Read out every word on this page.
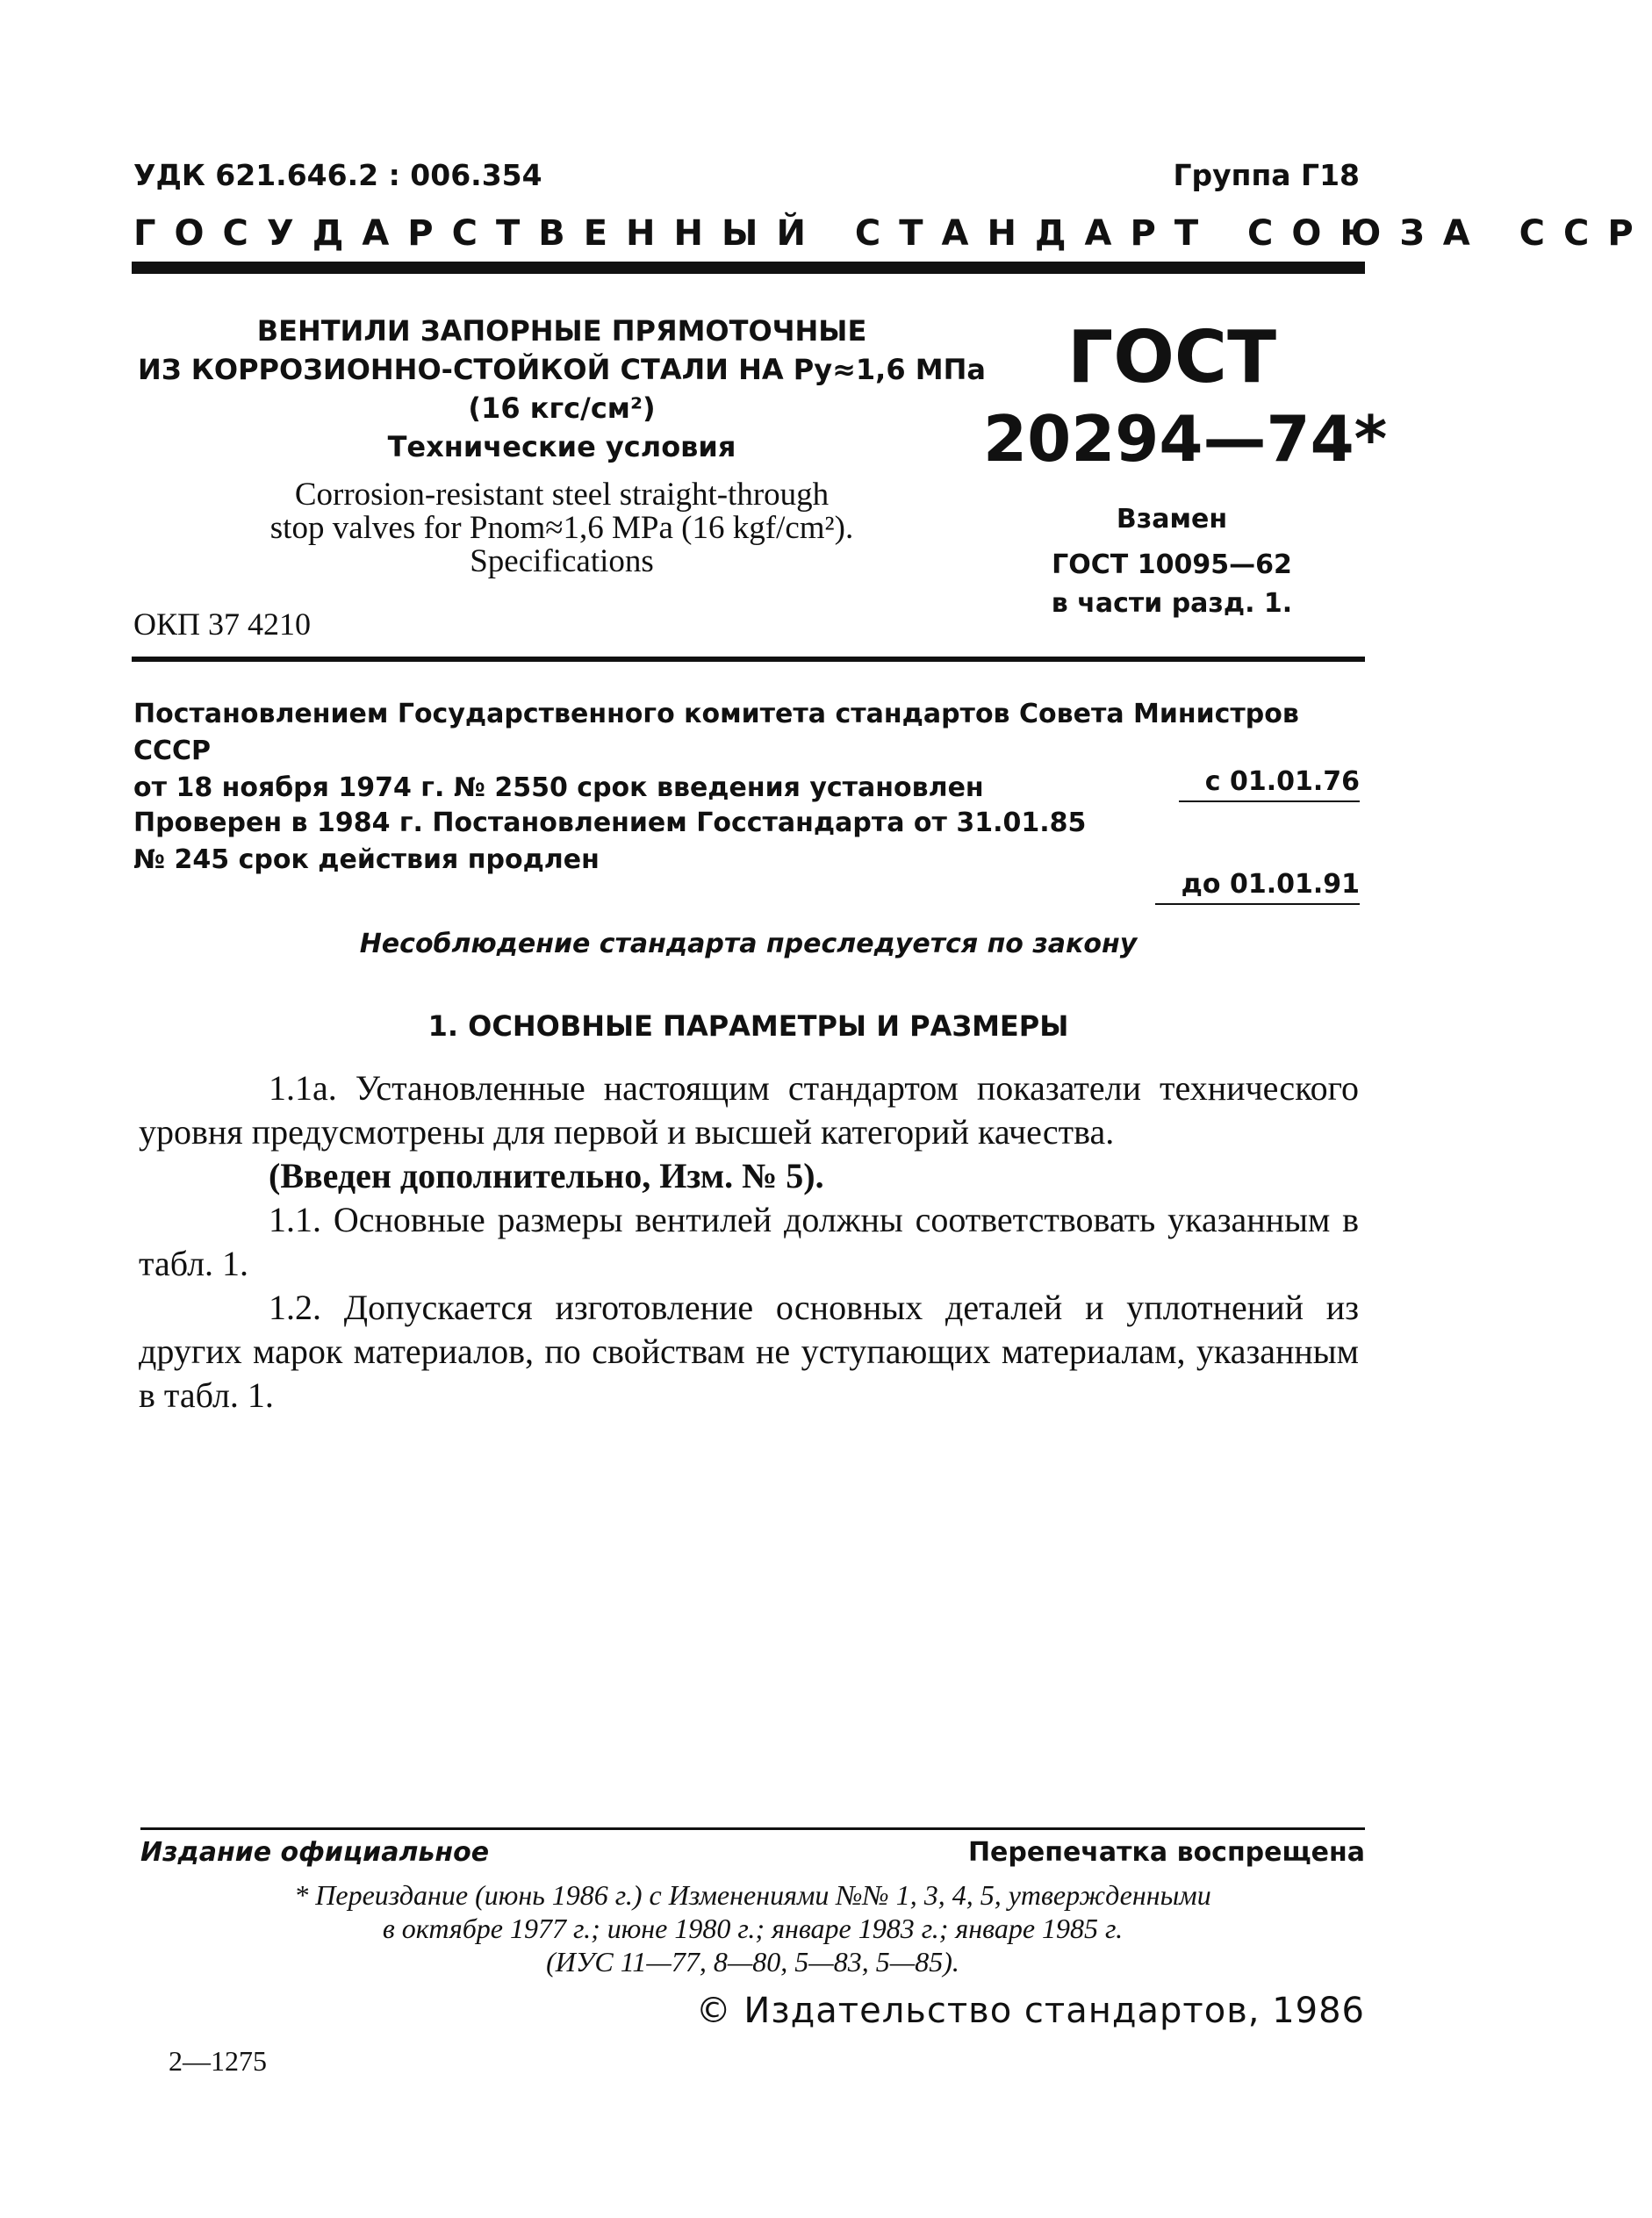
УДК 621.646.2 : 006.354	Группа Г18
ГОСУДАРСТВЕННЫЙ СТАНДАРТ СОЮЗА ССР
ВЕНТИЛИ ЗАПОРНЫЕ ПРЯМОТОЧНЫЕ
ИЗ КОРРОЗИОННО-СТОЙКОЙ СТАЛИ НА Pу≈1,6 МПа
(16 кгс/см²)
Технические условия
Corrosion-resistant steel straight-through
stop valves for Pnom≈1,6 MPa (16 kgf/cm²).
Specifications
ОКП 37 4210
ГОСТ
20294—74*
Взамен
ГОСТ 10095—62
в части разд. 1.
Постановлением Государственного комитета стандартов Совета Министров СССР
от 18 ноября 1974 г. № 2550 срок введения установлен	с 01.01.76
Проверен в 1984 г. Постановлением Госстандарта от 31.01.85
№ 245 срок действия продлен
до 01.01.91
Несоблюдение стандарта преследуется по закону
1. ОСНОВНЫЕ ПАРАМЕТРЫ И РАЗМЕРЫ

1.1а. Установленные настоящим стандартом показатели технического уровня предусмотрены для первой и высшей категорий качества.

(Введен дополнительно, Изм. № 5).

1.1. Основные размеры вентилей должны соответствовать указанным в табл. 1.

1.2. Допускается изготовление основных деталей и уплотнений из других марок материалов, по свойствам не уступающих материалам, указанным в табл. 1.

Издание официальное	Перепечатка воспрещена
* Переиздание (июнь 1986 г.) с Изменениями №№ 1, 3, 4, 5, утвержденными
в октябре 1977 г.; июне 1980 г.; январе 1983 г.; январе 1985 г.
(ИУС 11—77, 8—80, 5—83, 5—85).
© Издательство стандартов, 1986
2—1275
